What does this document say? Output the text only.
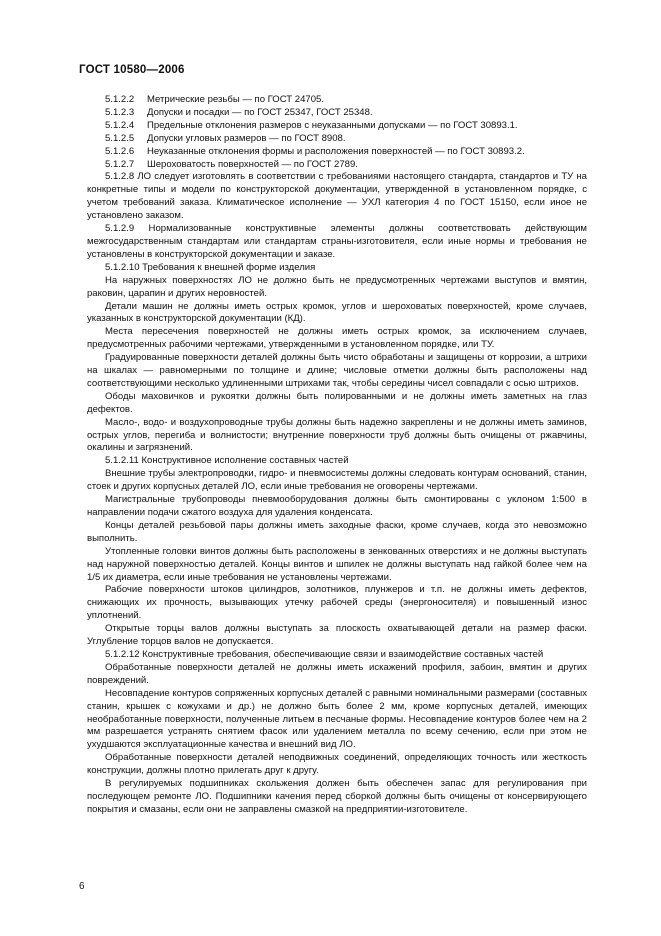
ГОСТ 10580—2006
5.1.2.2 Метрические резьбы — по ГОСТ 24705.
5.1.2.3 Допуски и посадки — по ГОСТ 25347, ГОСТ 25348.
5.1.2.4 Предельные отклонения размеров с неуказанными допусками — по ГОСТ 30893.1.
5.1.2.5 Допуски угловых размеров — по ГОСТ 8908.
5.1.2.6 Неуказанные отклонения формы и расположения поверхностей — по ГОСТ 30893.2.
5.1.2.7 Шероховатость поверхностей — по ГОСТ 2789.

5.1.2.8 ЛО следует изготовлять в соответствии с требованиями настоящего стандарта, стандартов и ТУ на конкретные типы и модели по конструкторской документации, утвержденной в установленном порядке, с учетом требований заказа. Климатическое исполнение — УХЛ категория 4 по ГОСТ 15150, если иное не установлено заказом.

5.1.2.9 Нормализованные конструктивные элементы должны соответствовать действующим межгосударственным стандартам или стандартам страны-изготовителя, если иные нормы и требования не установлены в конструкторской документации и заказе.

5.1.2.10 Требования к внешней форме изделия

На наружных поверхностях ЛО не должно быть не предусмотренных чертежами выступов и вмятин, раковин, царапин и других неровностей.

Детали машин не должны иметь острых кромок, углов и шероховатых поверхностей, кроме случаев, указанных в конструкторской документации (КД).

Места пересечения поверхностей не должны иметь острых кромок, за исключением случаев, предусмотренных рабочими чертежами, утвержденными в установленном порядке, или ТУ.

Градуированные поверхности деталей должны быть чисто обработаны и защищены от коррозии, а штрихи на шкалах — равномерными по толщине и длине; числовые отметки должны быть расположены над соответствующими несколько удлиненными штрихами так, чтобы середины чисел совпадали с осью штрихов.

Ободы маховичков и рукоятки должны быть полированными и не должны иметь заметных на глаз дефектов.

Масло-, водо- и воздухопроводные трубы должны быть надежно закреплены и не должны иметь заминов, острых углов, перегиба и волнистости; внутренние поверхности труб должны быть очищены от ржавчины, окалины и загрязнений.

5.1.2.11 Конструктивное исполнение составных частей

Внешние трубы электропроводки, гидро- и пневмосистемы должны следовать контурам оснований, станин, стоек и других корпусных деталей ЛО, если иные требования не оговорены чертежами.

Магистральные трубопроводы пневмооборудования должны быть смонтированы с уклоном 1:500 в направлении подачи сжатого воздуха для удаления конденсата.

Концы деталей резьбовой пары должны иметь заходные фаски, кроме случаев, когда это невозможно выполнить.

Утопленные головки винтов должны быть расположены в зенкованных отверстиях и не должны выступать над наружной поверхностью деталей. Концы винтов и шпилек не должны выступать над гайкой более чем на 1/5 их диаметра, если иные требования не установлены чертежами.

Рабочие поверхности штоков цилиндров, золотников, плунжеров и т.п. не должны иметь дефектов, снижающих их прочность, вызывающих утечку рабочей среды (энергоносителя) и повышенный износ уплотнений.

Открытые торцы валов должны выступать за плоскость охватывающей детали на размер фаски. Углубление торцов валов не допускается.

5.1.2.12 Конструктивные требования, обеспечивающие связи и взаимодействие составных частей

Обработанные поверхности деталей не должны иметь искажений профиля, забоин, вмятин и других повреждений.

Несовпадение контуров сопряженных корпусных деталей с равными номинальными размерами (составных станин, крышек с кожухами и др.) не должно быть более 2 мм, кроме корпусных деталей, имеющих необработанные поверхности, полученные литьем в песчаные формы. Несовпадение контуров более чем на 2 мм разрешается устранять снятием фасок или удалением металла по всему сечению, если при этом не ухудшаются эксплуатационные качества и внешний вид ЛО.

Обработанные поверхности деталей неподвижных соединений, определяющих точность или жесткость конструкции, должны плотно прилегать друг к другу.

В регулируемых подшипниках скольжения должен быть обеспечен запас для регулирования при последующем ремонте ЛО. Подшипники качения перед сборкой должны быть очищены от консервирующего покрытия и смазаны, если они не заправлены смазкой на предприятии-изготовителе.

6
